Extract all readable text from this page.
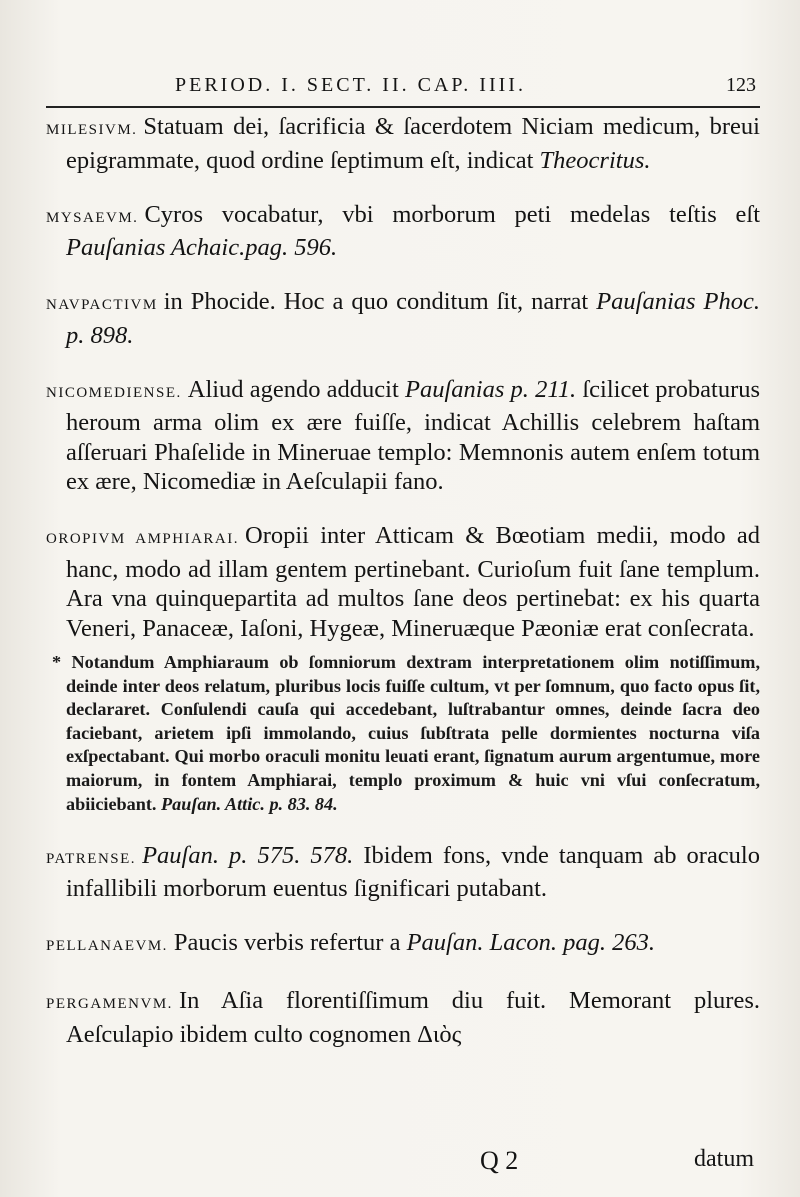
PERIOD. I. SECT. II. CAP. IIII.	123

MILESIVM. Statuam dei, ſacrificia & ſacerdotem Niciam medicum, breui epigrammate, quod ordine ſeptimum eſt, indicat Theocritus.

MYSAEVM. Cyros vocabatur, vbi morborum peti medelas teſtis eſt Pauſanias Achaic.pag. 596.

NAVPACTIVM in Phocide. Hoc a quo conditum ſit, narrat Pauſanias Phoc. p. 898.

NICOMEDIENSE. Aliud agendo adducit Pauſanias p. 211. ſcilicet probaturus heroum arma olim ex ære fuiſſe, indicat Achillis celebrem haſtam aſſeruari Phaſelide in Mineruae templo: Memnonis autem enſem totum ex ære, Nicomediæ in Aeſculapii fano.

OROPIVM AMPHIARAI. Oropii inter Atticam & Bœotiam medii, modo ad hanc, modo ad illam gentem pertinebant. Curioſum fuit ſane templum. Ara vna quinquepartita ad multos ſane deos pertinebat: ex his quarta Veneri, Panaceæ, Iaſoni, Hygeæ, Mineruæque Pæoniæ erat conſecrata.

* Notandum Amphiaraum ob ſomniorum dextram interpretationem olim notiſſimum, deinde inter deos relatum, pluribus locis fuiſſe cultum, vt per ſomnum, quo facto opus ſit, declararet. Conſulendi cauſa qui accedebant, luſtrabantur omnes, deinde ſacra deo faciebant, arietem ipſi immolando, cuius ſubſtrata pelle dormientes nocturna viſa exſpectabant. Qui morbo oraculi monitu leuati erant, ſignatum aurum argentumue, more maiorum, in fontem Amphiarai, templo proximum & huic vni vſui conſecratum, abiiciebant. Pauſan. Attic. p. 83. 84.

PATRENSE. Pauſan. p. 575. 578. Ibidem fons, vnde tanquam ab oraculo infallibili morborum euentus ſignificari putabant.

PELLANAEVM. Paucis verbis refertur a Pauſan. Lacon. pag. 263.

PERGAMENVM. In Aſia florentiſſimum diu fuit. Memorant plures. Aeſculapio ibidem culto cognomen Διὸς

Q 2	datum
